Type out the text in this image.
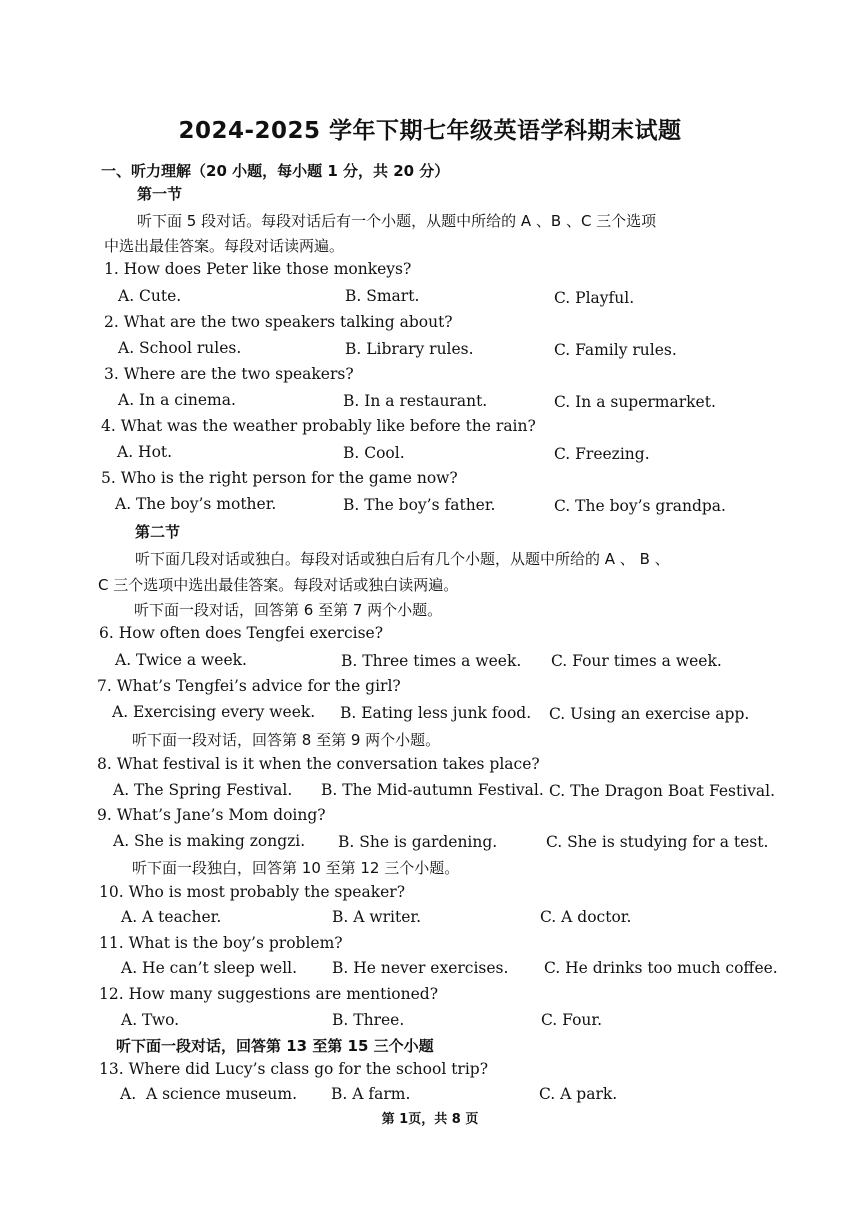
2024-2025 学年下期七年级英语学科期末试题
一、听力理解（20 小题，每小题 1 分，共 20 分）
第一节
听下面 5 段对话。每段对话后有一个小题，从题中所给的 A 、B 、C 三个选项
中选出最佳答案。每段对话读两遍。
1. How does Peter like those monkeys?
A. Cute.	B. Smart.	C. Playful.
2. What are the two speakers talking about?
A. School rules.	B. Library rules.	C. Family rules.
3. Where are the two speakers?
A. In a cinema.	B. In a restaurant.	C. In a supermarket.
4. What was the weather probably like before the rain?
A. Hot.	B. Cool.	C. Freezing.
5. Who is the right person for the game now?
A. The boy’s mother.	B. The boy’s father.	C. The boy’s grandpa.
第二节
听下面几段对话或独白。每段对话或独白后有几个小题，从题中所给的 A 、 B 、
C 三个选项中选出最佳答案。每段对话或独白读两遍。
听下面一段对话，回答第 6 至第 7 两个小题。
6. How often does Tengfei exercise?
A. Twice a week.	B. Three times a week. C. Four times a week.
7. What’s Tengfei’s advice for the girl?
A. Exercising every week. B. Eating less junk food. C. Using an exercise app.
听下面一段对话，回答第 8 至第 9 两个小题。
8. What festival is it when the conversation takes place?
A. The Spring Festival. B. The Mid-autumn Festival. C. The Dragon Boat Festival.
9. What’s Jane’s Mom doing?
A. She is making zongzi. B. She is gardening.	C. She is studying for a test.
听下面一段独白，回答第 10 至第 12 三个小题。
10. Who is most probably the speaker?
A. A teacher.	B. A writer.	C. A doctor.
11. What is the boy’s problem?
A. He can’t sleep well. B. He never exercises. C. He drinks too much coffee.
12. How many suggestions are mentioned?
A. Two.	B. Three.	C. Four.
听下面一段对话，回答第 13 至第 15 三个小题
13. Where did Lucy’s class go for the school trip?
A.  A science museum. B. A farm.	C. A park.
第 1页，共 8 页
